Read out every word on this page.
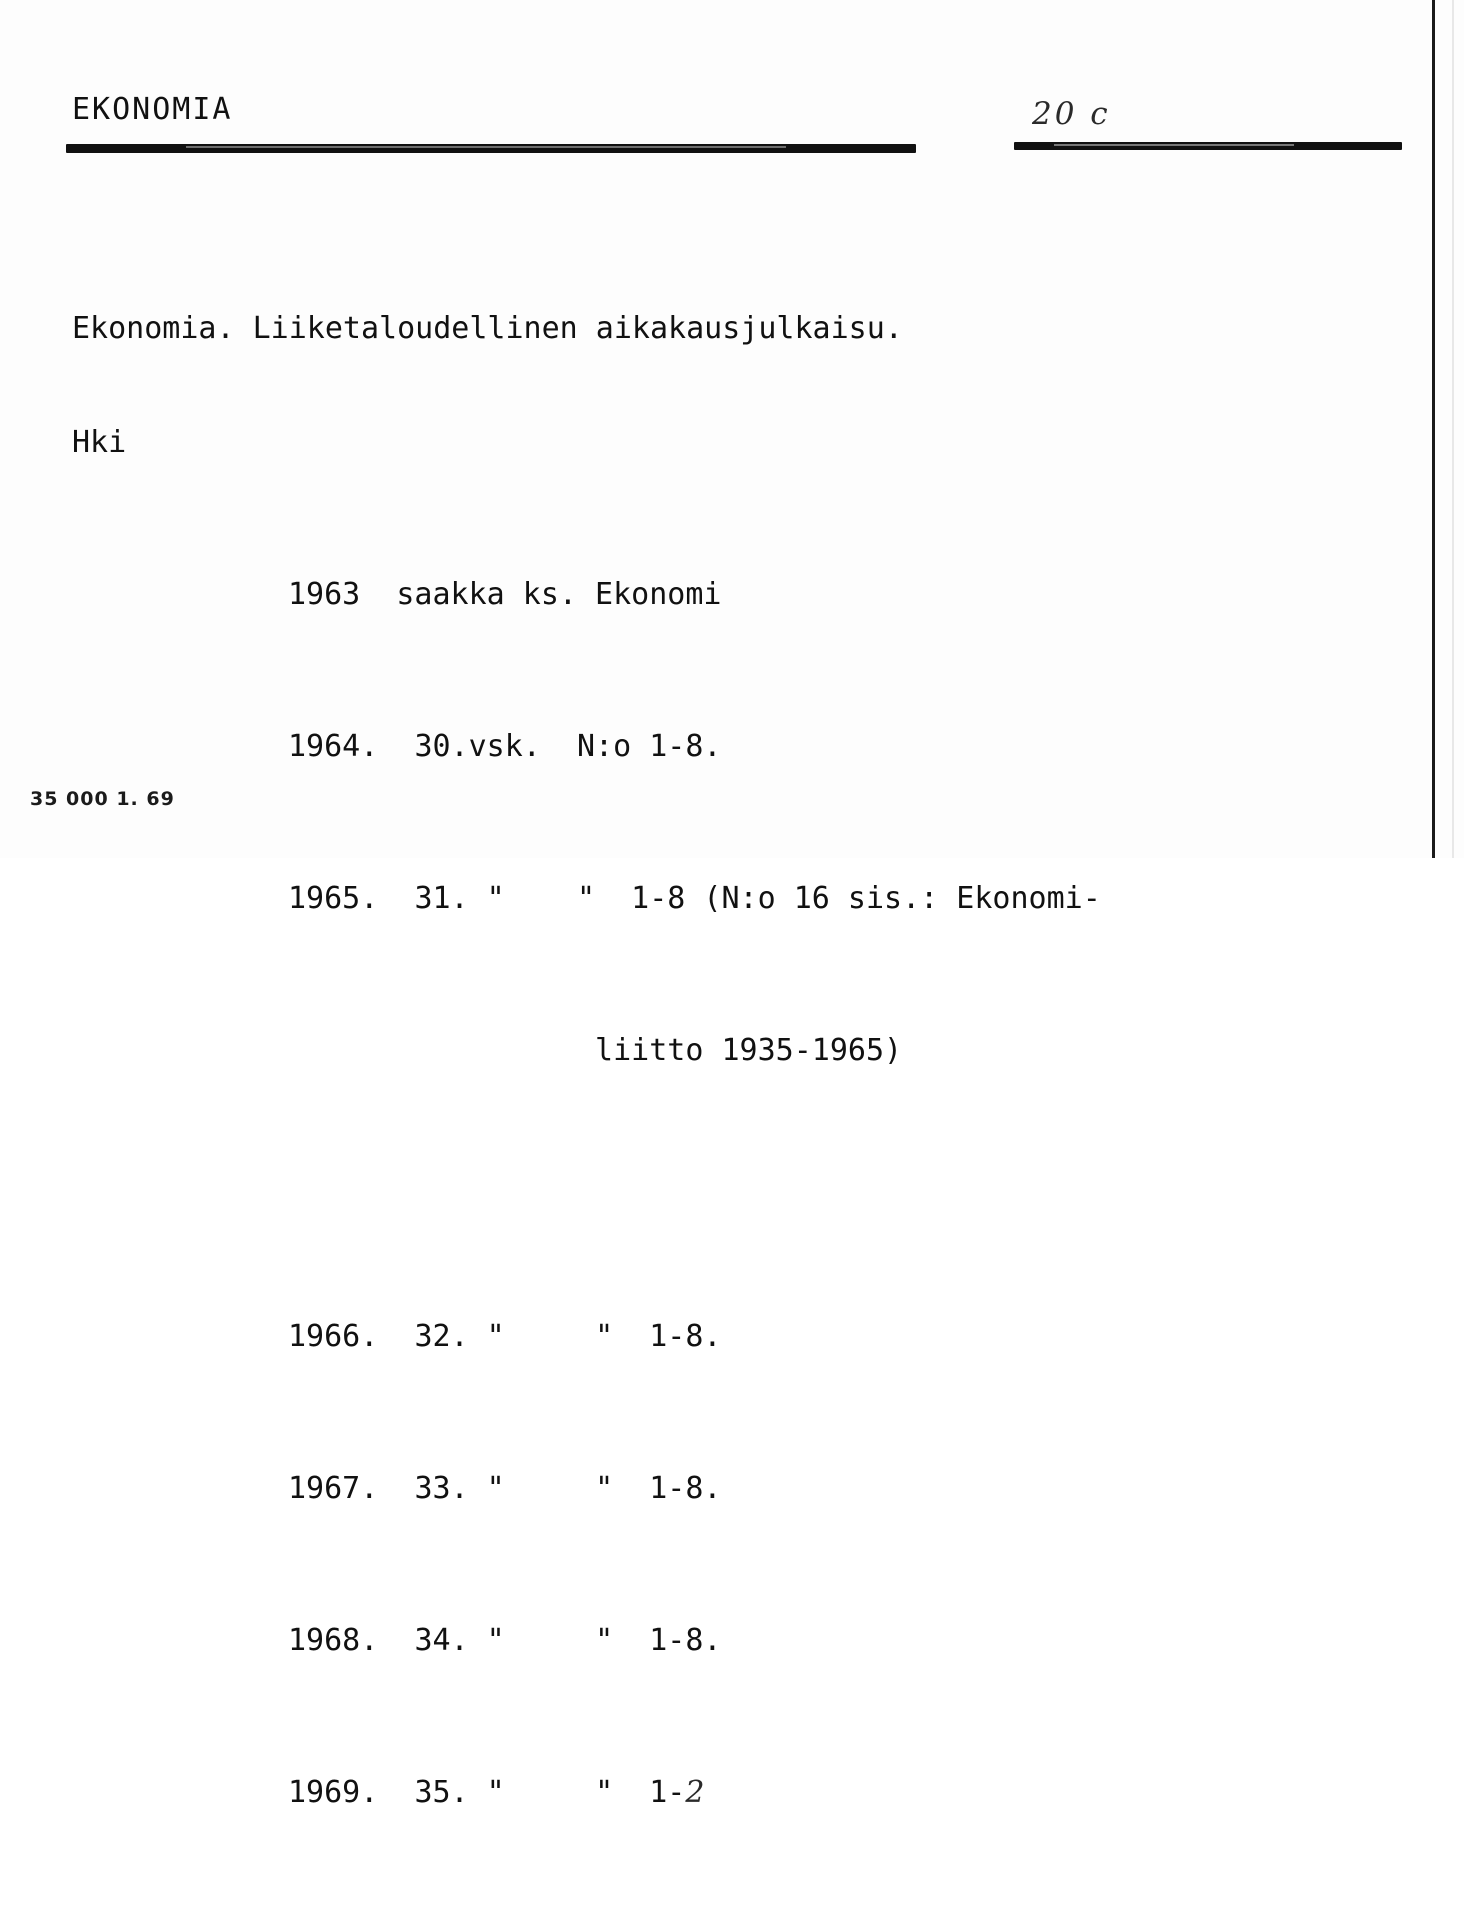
EKONOMIA	20 c

Ekonomia. Liiketaloudellinen aikakausjulkaisu.

Hki

1963 saakka ks. Ekonomi

1964. 30.vsk. N:o 1-8.

1965. 31. " "  1-8 (N:o 16 sis.: Ekonomi-

liitto 1935-1965)

1966. 32. "	"  1-8.

1967. 33. "	"  1-8.

1968. 34. "	"  1-8.

1969. 35. "	"  1-2

35 000 1. 69
